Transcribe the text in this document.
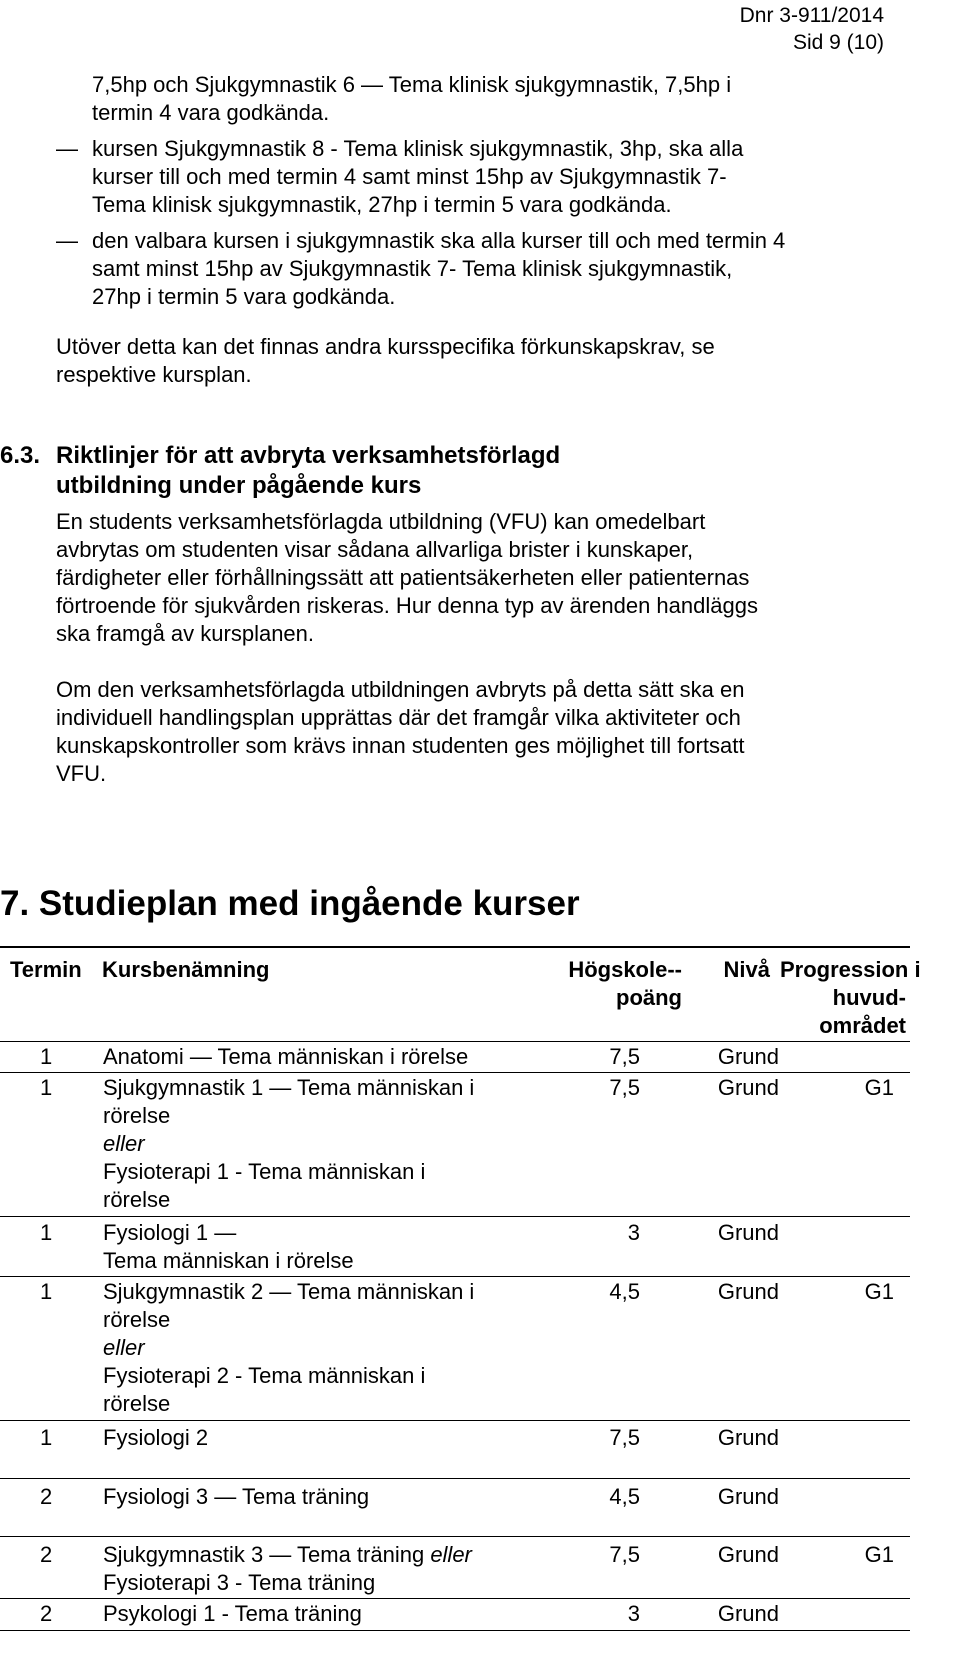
Dnr 3-911/2014
Sid 9 (10)
7,5hp och Sjukgymnastik 6 — Tema klinisk sjukgymnastik, 7,5hp i
termin 4 vara godkända.
— kursen Sjukgymnastik 8 - Tema klinisk sjukgymnastik, 3hp, ska alla
kurser till och med termin 4 samt minst 15hp av Sjukgymnastik 7-
Tema klinisk sjukgymnastik, 27hp i termin 5 vara godkända.
— den valbara kursen i sjukgymnastik ska alla kurser till och med termin 4
samt minst 15hp av Sjukgymnastik 7- Tema klinisk sjukgymnastik,
27hp i termin 5 vara godkända.
Utöver detta kan det finnas andra kursspecifika förkunskapskrav, se
respektive kursplan.
6.3. Riktlinjer för att avbryta verksamhetsförlagd
utbildning under pågående kurs
En students verksamhetsförlagda utbildning (VFU) kan omedelbart
avbrytas om studenten visar sådana allvarliga brister i kunskaper,
färdigheter eller förhållningssätt att patientsäkerheten eller patienternas
förtroende för sjukvården riskeras. Hur denna typ av ärenden handläggs
ska framgå av kursplanen.
Om den verksamhetsförlagda utbildningen avbryts på detta sätt ska en
individuell handlingsplan upprättas där det framgår vilka aktiviteter och
kunskapskontroller som krävs innan studenten ges möjlighet till fortsatt
VFU.
7. Studieplan med ingående kurser
Termin Kursbenämning	Högskole--
poäng
Nivå Progression i
huvud-
området
1 Anatomi — Tema människan i rörelse	7,5	Grund
1 Sjukgymnastik 1 — Tema människan i
rörelse
eller
Fysioterapi 1 - Tema människan i
rörelse
7,5	Grund	G1
1 Fysiologi 1 —
Tema människan i rörelse
3	Grund
1 Sjukgymnastik 2 — Tema människan i
rörelse
eller
Fysioterapi 2 - Tema människan i
rörelse
4,5	Grund	G1
1 Fysiologi 2	7,5	Grund
2 Fysiologi 3 — Tema träning	4,5	Grund
2 Sjukgymnastik 3 — Tema träning eller
Fysioterapi 3 - Tema träning
7,5	Grund	G1
2 Psykologi 1 - Tema träning	3	Grund
